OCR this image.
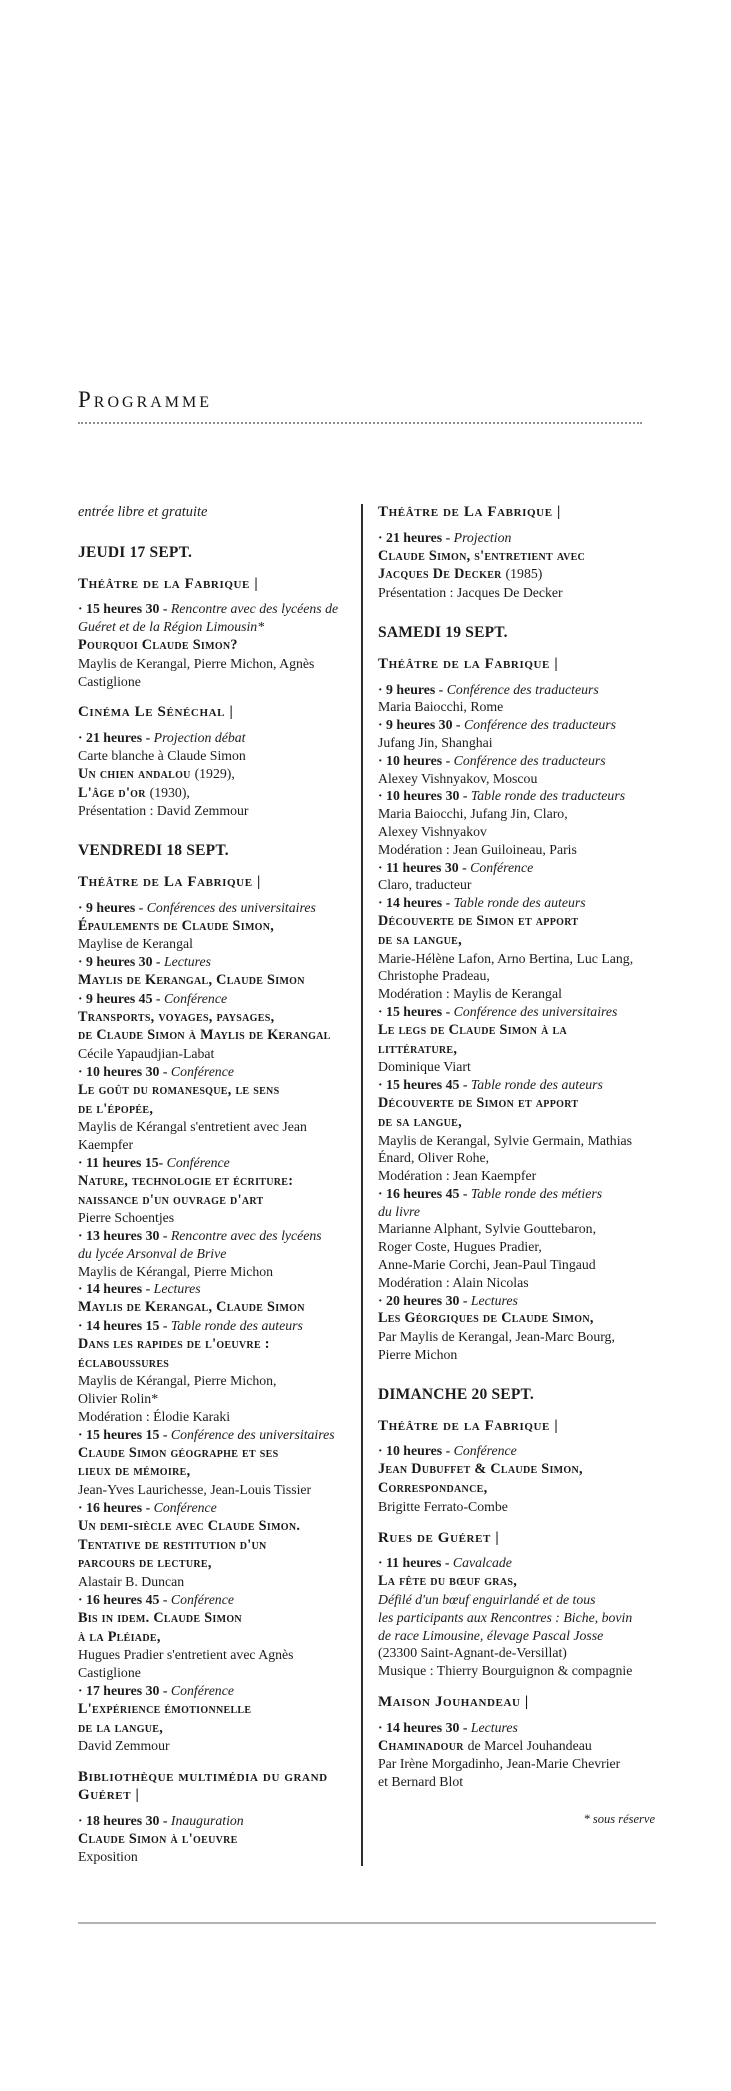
Programme
entrée libre et gratuite
JEUDI 17 SEPT.
Théâtre de la Fabrique |
· 15 heures 30 - Rencontre avec des lycéens de
Guéret et de la Région Limousin*
Pourquoi Claude Simon?
Maylis de Kerangal, Pierre Michon, Agnès
Castiglione
Cinéma Le Sénéchal |
· 21 heures - Projection débat
Carte blanche à Claude Simon
Un chien andalou (1929),
L'âge d'or (1930),
Présentation : David Zemmour
VENDREDI 18 SEPT.
Théâtre de La Fabrique |
· 9 heures - Conférences des universitaires
Épaulements de Claude Simon,
Maylise de Kerangal
· 9 heures 30 - Lectures
Maylis de Kerangal, Claude Simon
· 9 heures 45 - Conférence
Transports, voyages, paysages,
de Claude Simon à Maylis de Kerangal
Cécile Yapaudjian-Labat
· 10 heures 30 - Conférence
Le goût du romanesque, le sens
de l'épopée,
Maylis de Kérangal s'entretient avec Jean
Kaempfer
· 11 heures 15- Conférence
Nature, technologie et écriture:
naissance d'un ouvrage d'art
Pierre Schoentjes
· 13 heures 30 - Rencontre avec des lycéens
du lycée Arsonval de Brive
Maylis de Kérangal, Pierre Michon
· 14 heures - Lectures
Maylis de Kerangal, Claude Simon
· 14 heures 15 - Table ronde des auteurs
Dans les rapides de l'oeuvre :
éclaboussures
Maylis de Kérangal, Pierre Michon,
Olivier Rolin*
Modération : Élodie Karaki
· 15 heures 15 - Conférence des universitaires
Claude Simon géographe et ses
lieux de mémoire,
Jean-Yves Laurichesse, Jean-Louis Tissier
· 16 heures - Conférence
Un demi-siècle avec Claude Simon.
Tentative de restitution d'un
parcours de lecture,
Alastair B. Duncan
· 16 heures 45 - Conférence
Bis in idem. Claude Simon
à la Pléiade,
Hugues Pradier s'entretient avec Agnès
Castiglione
· 17 heures 30 - Conférence
L'expérience émotionnelle
de la langue,
David Zemmour
Bibliothèque multimédia du grand
Guéret |
· 18 heures 30 - Inauguration
Claude Simon à l'oeuvre
Exposition
Théâtre de La Fabrique |
· 21 heures - Projection
Claude Simon, s'entretient avec
Jacques De Decker (1985)
Présentation : Jacques De Decker
SAMEDI 19 SEPT.
Théâtre de la Fabrique |
· 9 heures - Conférence des traducteurs
Maria Baiocchi, Rome
· 9 heures 30 - Conférence des traducteurs
Jufang Jin, Shanghai
· 10 heures - Conférence des traducteurs
Alexey Vishnyakov, Moscou
· 10 heures 30 - Table ronde des traducteurs
Maria Baiocchi, Jufang Jin, Claro,
Alexey Vishnyakov
Modération : Jean Guiloineau, Paris
· 11 heures 30 - Conférence
Claro, traducteur
· 14 heures - Table ronde des auteurs
Découverte de Simon et apport
de sa langue,
Marie-Hélène Lafon, Arno Bertina, Luc Lang,
Christophe Pradeau,
Modération : Maylis de Kerangal
· 15 heures - Conférence des universitaires
Le legs de Claude Simon à la
littérature,
Dominique Viart
· 15 heures 45 - Table ronde des auteurs
Découverte de Simon et apport
de sa langue,
Maylis de Kerangal, Sylvie Germain, Mathias
Énard, Oliver Rohe,
Modération : Jean Kaempfer
· 16 heures 45 - Table ronde des métiers
du livre
Marianne Alphant, Sylvie Gouttebaron,
Roger Coste, Hugues Pradier,
Anne-Marie Corchi, Jean-Paul Tingaud
Modération : Alain Nicolas
· 20 heures 30 - Lectures
Les Géorgiques de Claude Simon,
Par Maylis de Kerangal, Jean-Marc Bourg,
Pierre Michon
DIMANCHE 20 SEPT.
Théâtre de la Fabrique |
· 10 heures - Conférence
Jean Dubuffet & Claude Simon,
Correspondance,
Brigitte Ferrato-Combe
Rues de Guéret |
· 11 heures - Cavalcade
La fête du bœuf gras,
Défilé d'un bœuf enguirlandé et de tous
les participants aux Rencontres : Biche, bovin
de race Limousine, élevage Pascal Josse
(23300 Saint-Agnant-de-Versillat)
Musique : Thierry Bourguignon & compagnie
Maison Jouhandeau |
· 14 heures 30 - Lectures
Chaminadour de Marcel Jouhandeau
Par Irène Morgadinho, Jean-Marie Chevrier
et Bernard Blot
* sous réserve
